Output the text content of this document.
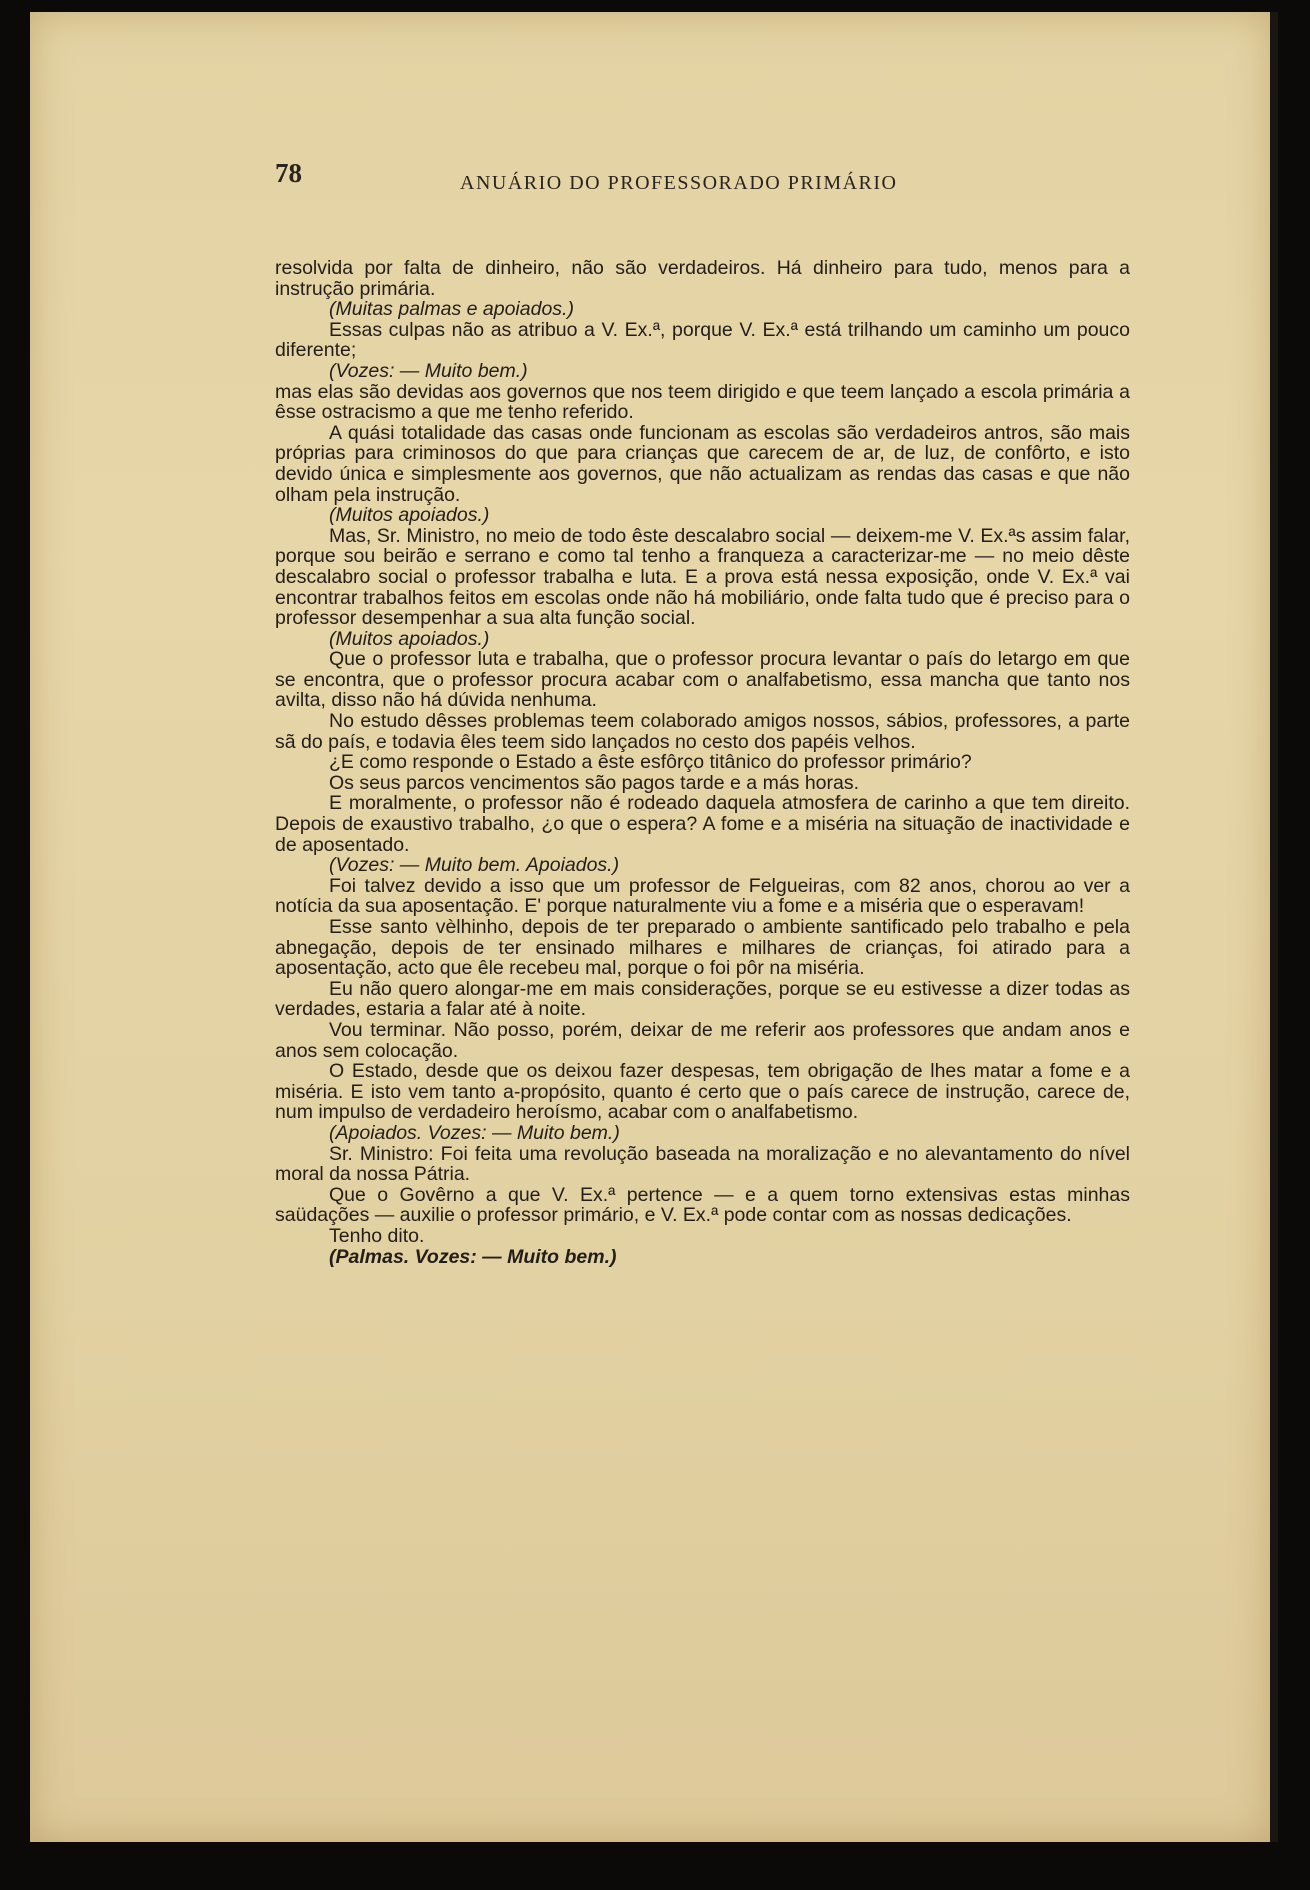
78	ANUÁRIO DO PROFESSORADO PRIMÁRIO

resolvida por falta de dinheiro, não são verdadeiros. Há dinheiro para tudo, menos para a instrução primária.

(Muitas palmas e apoiados.)

Essas culpas não as atribuo a V. Ex.ª, porque V. Ex.ª está trilhando um caminho um pouco diferente;

(Vozes: — Muito bem.)

mas elas são devidas aos governos que nos teem dirigido e que teem lançado a escola primária a êsse ostracismo a que me tenho referido.

A quási totalidade das casas onde funcionam as escolas são verdadeiros antros, são mais próprias para criminosos do que para crianças que carecem de ar, de luz, de confôrto, e isto devido única e simplesmente aos governos, que não actualizam as rendas das casas e que não olham pela instrução.

(Muitos apoiados.)

Mas, Sr. Ministro, no meio de todo êste descalabro social — deixem-me V. Ex.ªs assim falar, porque sou beirão e serrano e como tal tenho a franqueza a caracterizar-me — no meio dêste descalabro social o professor trabalha e luta. E a prova está nessa exposição, onde V. Ex.ª vai encontrar trabalhos feitos em escolas onde não há mobiliário, onde falta tudo que é preciso para o professor desempenhar a sua alta função social.

(Muitos apoiados.)

Que o professor luta e trabalha, que o professor procura levantar o país do letargo em que se encontra, que o professor procura acabar com o analfabetismo, essa mancha que tanto nos avilta, disso não há dúvida nenhuma.

No estudo dêsses problemas teem colaborado amigos nossos, sábios, professores, a parte sã do país, e todavia êles teem sido lançados no cesto dos papéis velhos.

¿E como responde o Estado a êste esfôrço titânico do professor primário?

Os seus parcos vencimentos são pagos tarde e a más horas.

E moralmente, o professor não é rodeado daquela atmosfera de carinho a que tem direito. Depois de exaustivo trabalho, ¿o que o espera? A fome e a miséria na situação de inactividade e de aposentado.

(Vozes: — Muito bem. Apoiados.)

Foi talvez devido a isso que um professor de Felgueiras, com 82 anos, chorou ao ver a notícia da sua aposentação. E' porque naturalmente viu a fome e a miséria que o esperavam!

Esse santo vèlhinho, depois de ter preparado o ambiente santificado pelo trabalho e pela abnegação, depois de ter ensinado milhares e milhares de crianças, foi atirado para a aposentação, acto que êle recebeu mal, porque o foi pôr na miséria.

Eu não quero alongar-me em mais considerações, porque se eu estivesse a dizer todas as verdades, estaria a falar até à noite.

Vou terminar. Não posso, porém, deixar de me referir aos professores que andam anos e anos sem colocação.

O Estado, desde que os deixou fazer despesas, tem obrigação de lhes matar a fome e a miséria. E isto vem tanto a-propósito, quanto é certo que o país carece de instrução, carece de, num impulso de verdadeiro heroísmo, acabar com o analfabetismo.

(Apoiados. Vozes: — Muito bem.)

Sr. Ministro: Foi feita uma revolução baseada na moralização e no alevantamento do nível moral da nossa Pátria.

Que o Govêrno a que V. Ex.ª pertence — e a quem torno extensivas estas minhas saüdações — auxilie o professor primário, e V. Ex.ª pode contar com as nossas dedicações.

Tenho dito.

(Palmas. Vozes: — Muito bem.)
